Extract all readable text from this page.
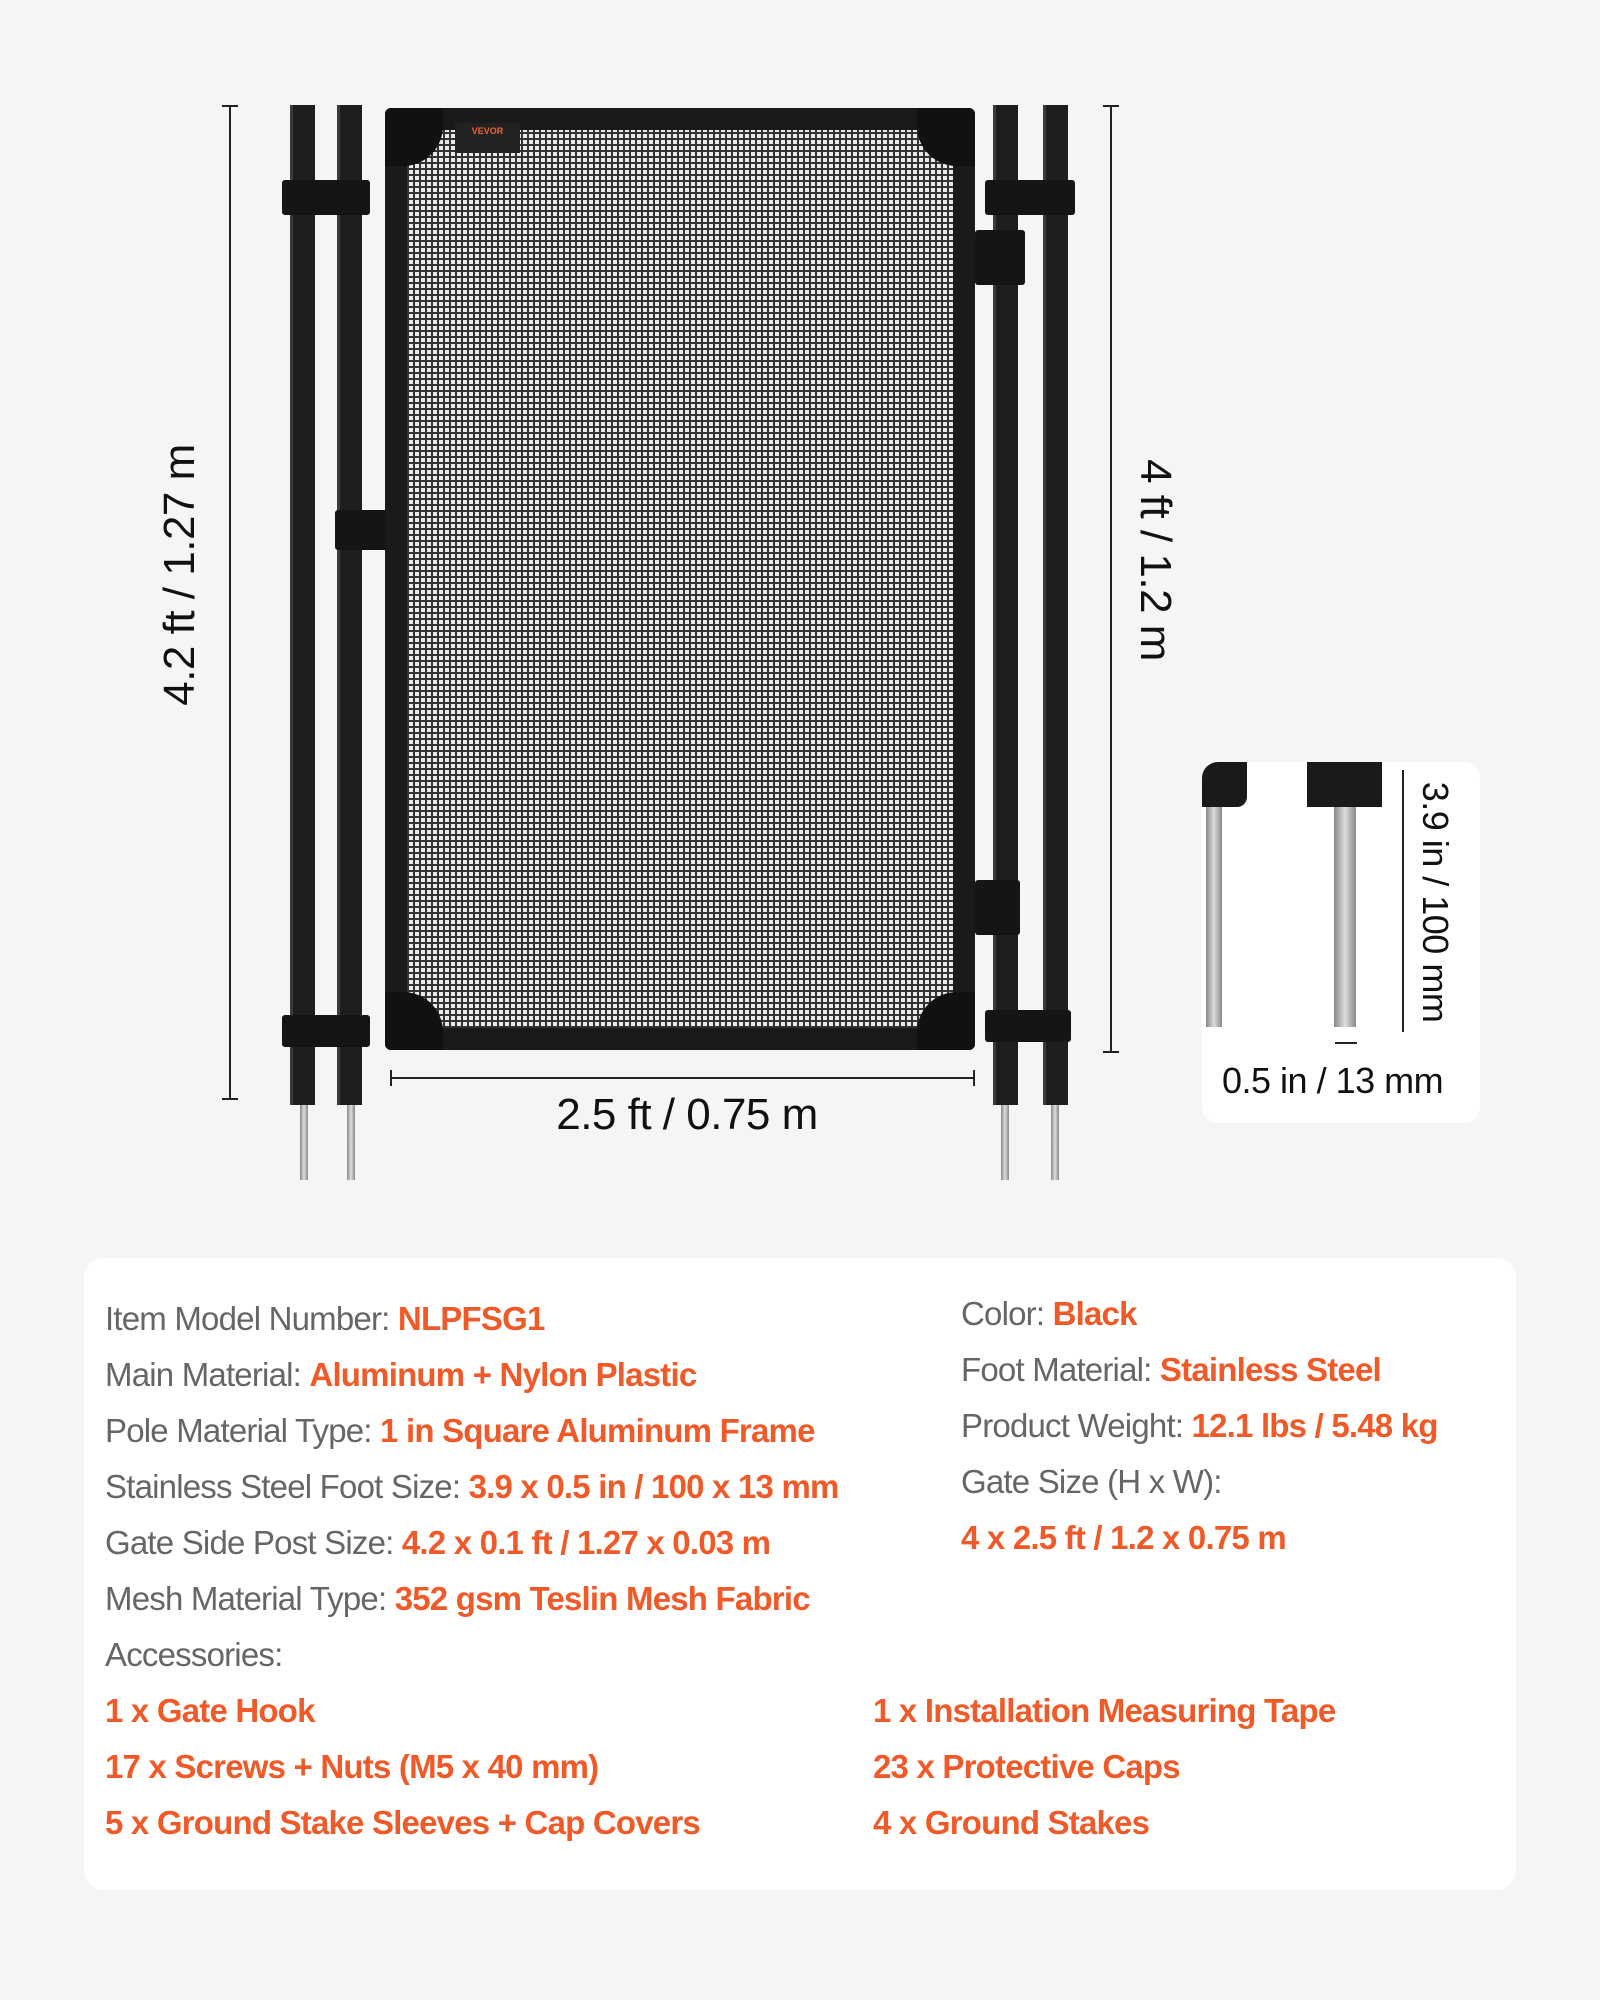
4.2 ft / 1.27 m
VEVOR
4 ft / 1.2 m
2.5 ft / 0.75 m
3.9 in / 100 mm
0.5 in / 13 mm
Item Model Number: NLPFSG1
Main Material: Aluminum + Nylon Plastic
Pole Material Type: 1 in Square Aluminum Frame
Stainless Steel Foot Size: 3.9 x 0.5 in / 100 x 13 mm
Gate Side Post Size: 4.2 x 0.1 ft / 1.27 x 0.03 m
Mesh Material Type: 352 gsm Teslin Mesh Fabric
Color: Black
Foot Material: Stainless Steel
Product Weight: 12.1 lbs / 5.48 kg
Gate Size (H x W):
4 x 2.5 ft / 1.2 x 0.75 m
Accessories:
1 x Gate Hook
17 x Screws + Nuts (M5 x 40 mm)
5 x Ground Stake Sleeves + Cap Covers
1 x Installation Measuring Tape
23 x Protective Caps
4 x Ground Stakes
